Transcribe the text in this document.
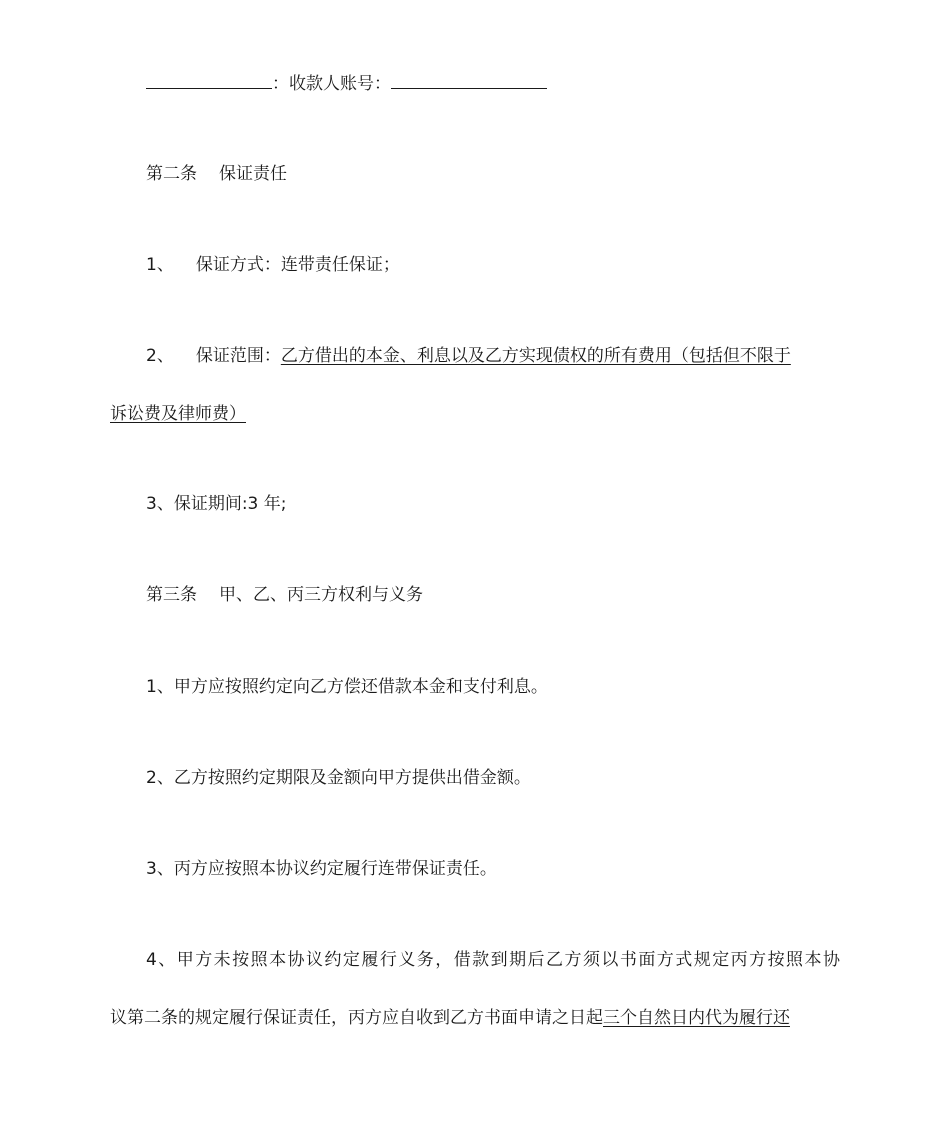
：收款人账号：
第二条 保证责任
1、 保证方式：连带责任保证；
2、 保证范围：乙方借出的本金、利息以及乙方实现债权的所有费用（包括但不限于
诉讼费及律师费）
3、保证期间:3 年;
第三条 甲、乙、丙三方权利与义务
1、甲方应按照约定向乙方偿还借款本金和支付利息。
2、乙方按照约定期限及金额向甲方提供出借金额。
3、丙方应按照本协议约定履行连带保证责任。
4、甲方未按照本协议约定履行义务，借款到期后乙方须以书面方式规定丙方按照本协
议第二条的规定履行保证责任，丙方应自收到乙方书面申请之日起三个自然日内代为履行还
